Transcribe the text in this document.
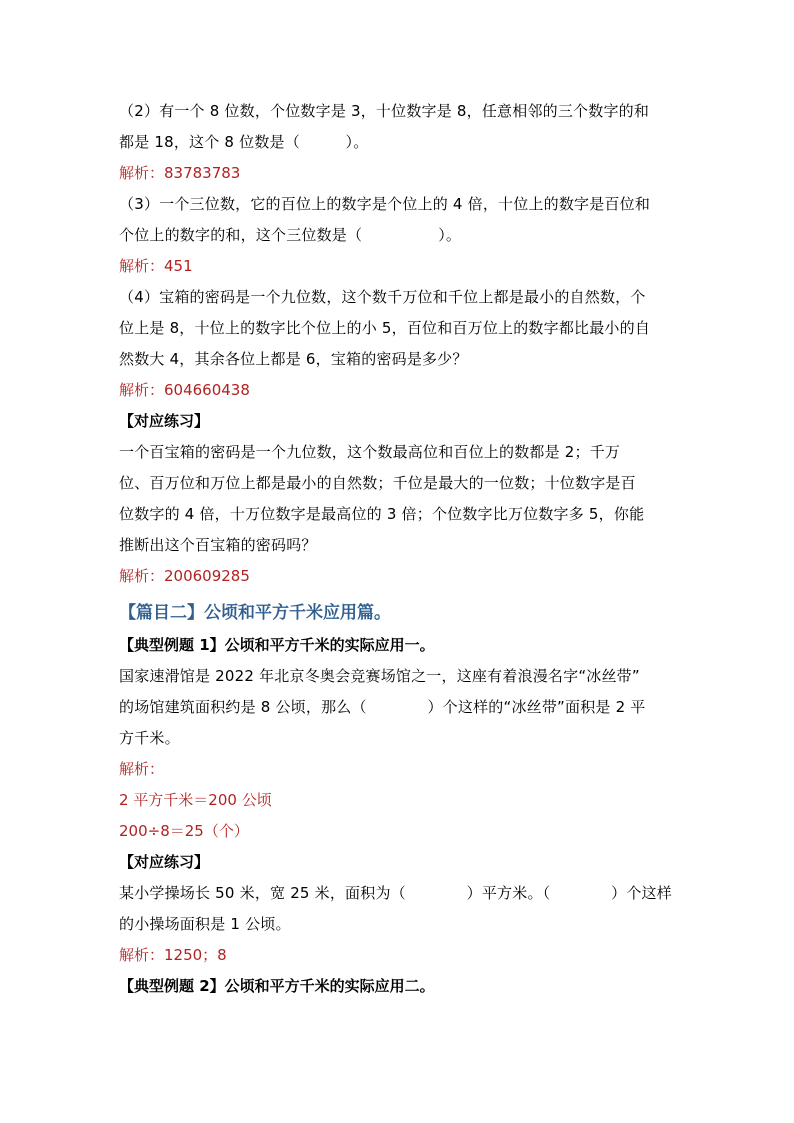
（2）有一个 8 位数，个位数字是 3，十位数字是 8，任意相邻的三个数字的和
都是 18，这个 8 位数是（　　　）。

解析：83783783

（3）一个三位数，它的百位上的数字是个位上的 4 倍，十位上的数字是百位和
个位上的数字的和，这个三位数是（　　　　　）。

解析：451

（4）宝箱的密码是一个九位数，这个数千万位和千位上都是最小的自然数，个
位上是 8，十位上的数字比个位上的小 5，百位和百万位上的数字都比最小的自
然数大 4，其余各位上都是 6，宝箱的密码是多少？

解析：604660438

【对应练习】

一个百宝箱的密码是一个九位数，这个数最高位和百位上的数都是 2；千万
位、百万位和万位上都是最小的自然数；千位是最大的一位数；十位数字是百
位数字的 4 倍，十万位数字是最高位的 3 倍；个位数字比万位数字多 5，你能
推断出这个百宝箱的密码吗？

解析：200609285

【篇目二】公顷和平方千米应用篇。

【典型例题 1】公顷和平方千米的实际应用一。

国家速滑馆是 2022 年北京冬奥会竞赛场馆之一，这座有着浪漫名字“冰丝带”
的场馆建筑面积约是 8 公顷，那么（　　　　）个这样的“冰丝带”面积是 2 平
方千米。

解析：

2 平方千米＝200 公顷

200÷8＝25（个）

【对应练习】

某小学操场长 50 米，宽 25 米，面积为（　　　　）平方米。（　　　　）个这样
的小操场面积是 1 公顷。

解析：1250；8

【典型例题 2】公顷和平方千米的实际应用二。
